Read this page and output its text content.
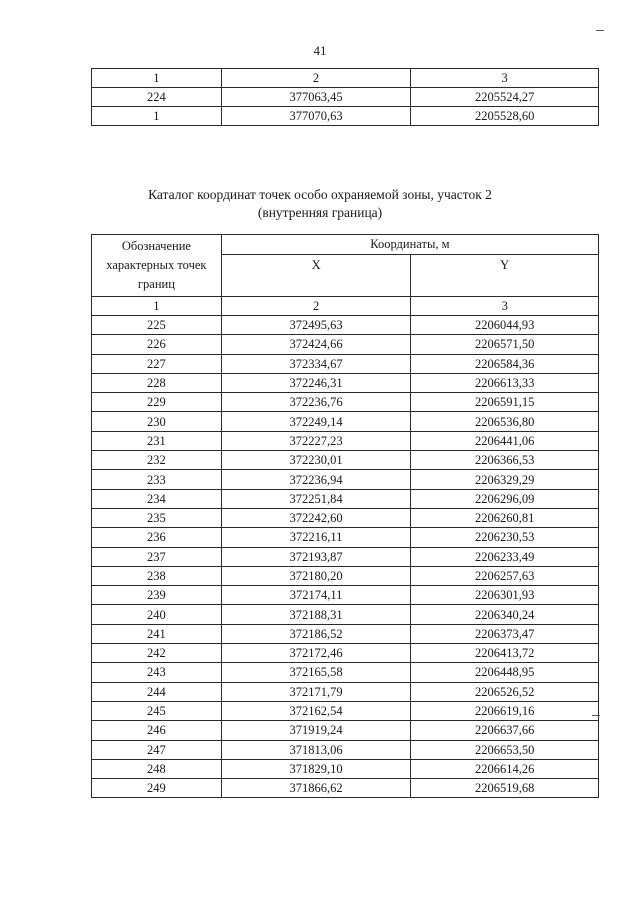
41
1	2	3
224	377063,45	2205524,27
1	377070,63	2205528,60
Каталог координат точек особо охраняемой зоны, участок 2
(внутренняя граница)
Обозначение характерных точек границ	Координаты, м	
	X	Y
1	2	3
225	372495,63	2206044,93
226	372424,66	2206571,50
227	372334,67	2206584,36
228	372246,31	2206613,33
229	372236,76	2206591,15
230	372249,14	2206536,80
231	372227,23	2206441,06
232	372230,01	2206366,53
233	372236,94	2206329,29
234	372251,84	2206296,09
235	372242,60	2206260,81
236	372216,11	2206230,53
237	372193,87	2206233,49
238	372180,20	2206257,63
239	372174,11	2206301,93
240	372188,31	2206340,24
241	372186,52	2206373,47
242	372172,46	2206413,72
243	372165,58	2206448,95
244	372171,79	2206526,52
245	372162,54	2206619,16
246	371919,24	2206637,66
247	371813,06	2206653,50
248	371829,10	2206614,26
249	371866,62	2206519,68
